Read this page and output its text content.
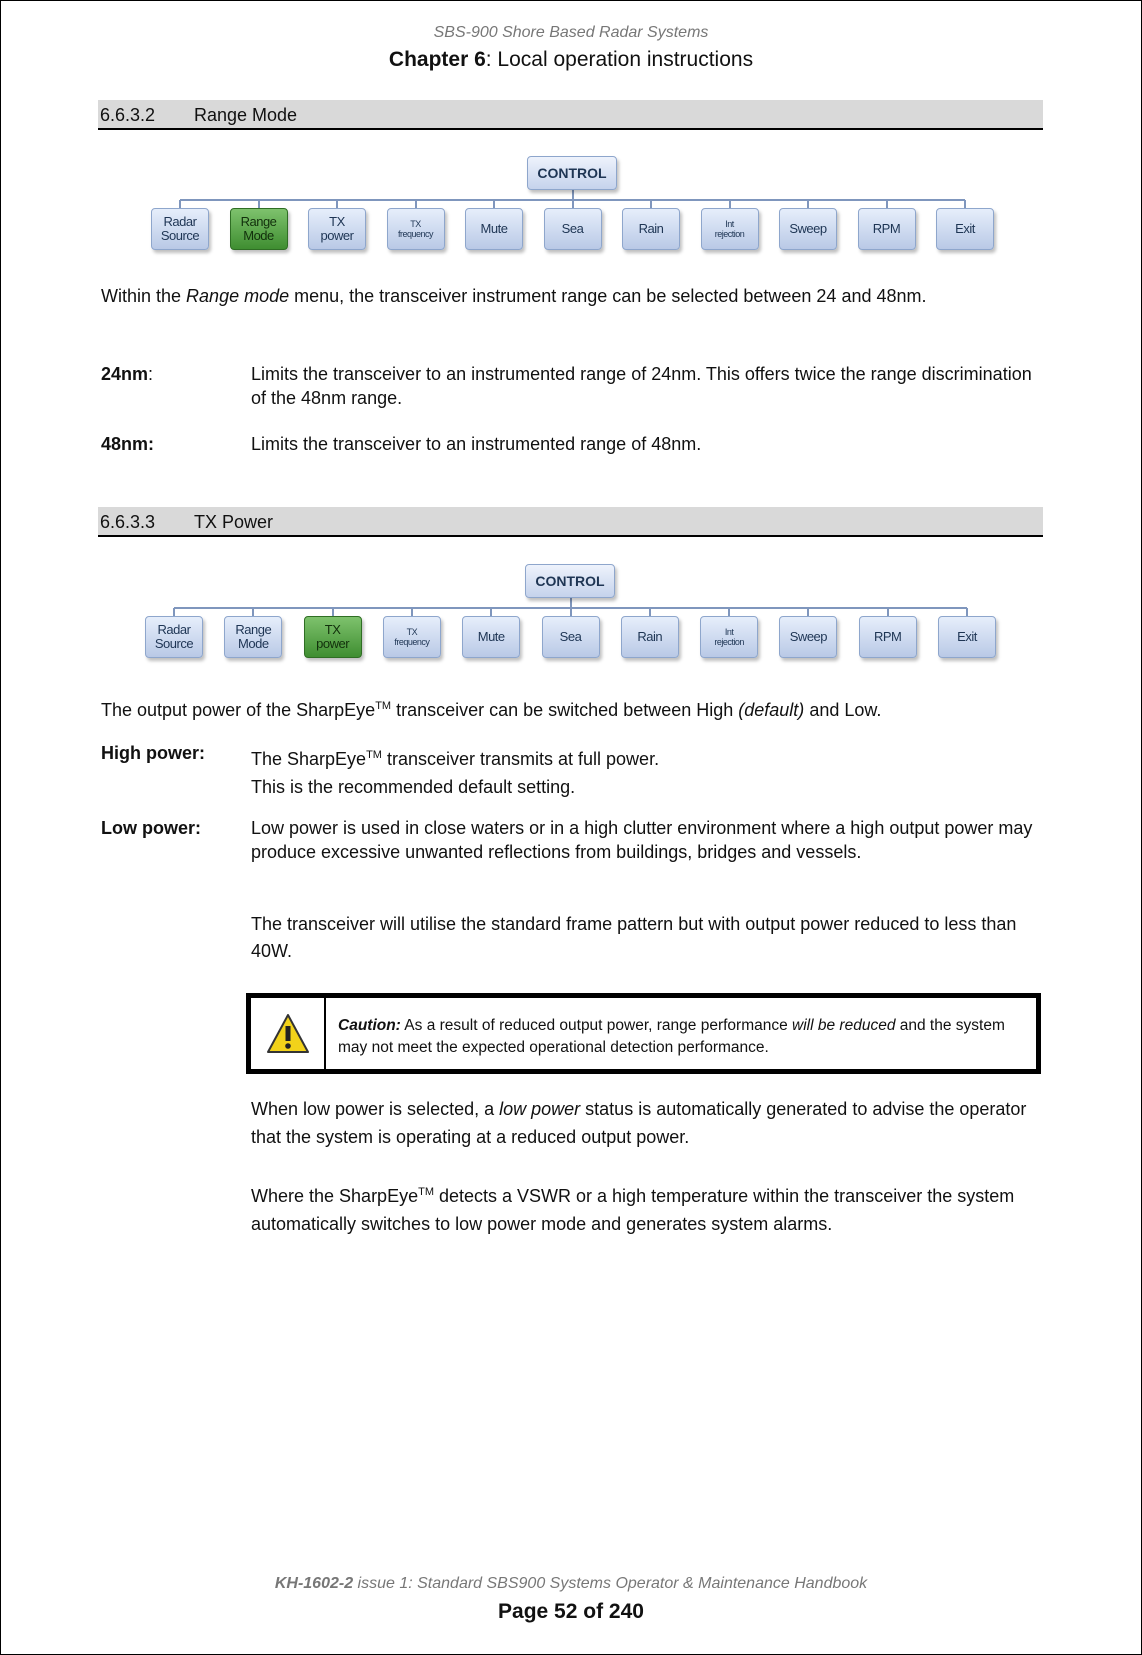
SBS-900 Shore Based Radar Systems
Chapter 6: Local operation instructions
6.6.3.2 Range Mode
CONTROL
Radar
Source
Range
Mode
TX
power
TX
frequency	Mute	Sea	Rain	Int
rejection	Sweep	RPM	Exit
Within the Range mode menu, the transceiver instrument range can be selected between 24 and 48nm.
24nm:	Limits the transceiver to an instrumented range of 24nm. This offers twice the range discrimination of the 48nm range.
48nm:	Limits the transceiver to an instrumented range of 48nm.
6.6.3.3 TX Power
CONTROL
Radar
Source
Range
Mode
TX
power
TX
frequency	Mute	Sea	Rain	Int
rejection	Sweep	RPM	Exit
The output power of the SharpEye™ transceiver can be switched between High (default) and Low.
High power:	The SharpEye™ transceiver transmits at full power.
This is the recommended default setting.
Low power:	Low power is used in close waters or in a high clutter environment where a high output power may produce excessive unwanted reflections from buildings, bridges and vessels.
The transceiver will utilise the standard frame pattern but with output power reduced to less than 40W.
Caution: As a result of reduced output power, range performance will be reduced and the system may not meet the expected operational detection performance.
When low power is selected, a low power status is automatically generated to advise the operator that the system is operating at a reduced output power.
Where the SharpEye™ detects a VSWR or a high temperature within the transceiver the system automatically switches to low power mode and generates system alarms.
KH-1602-2 issue 1: Standard SBS900 Systems Operator & Maintenance Handbook
Page 52 of 240
